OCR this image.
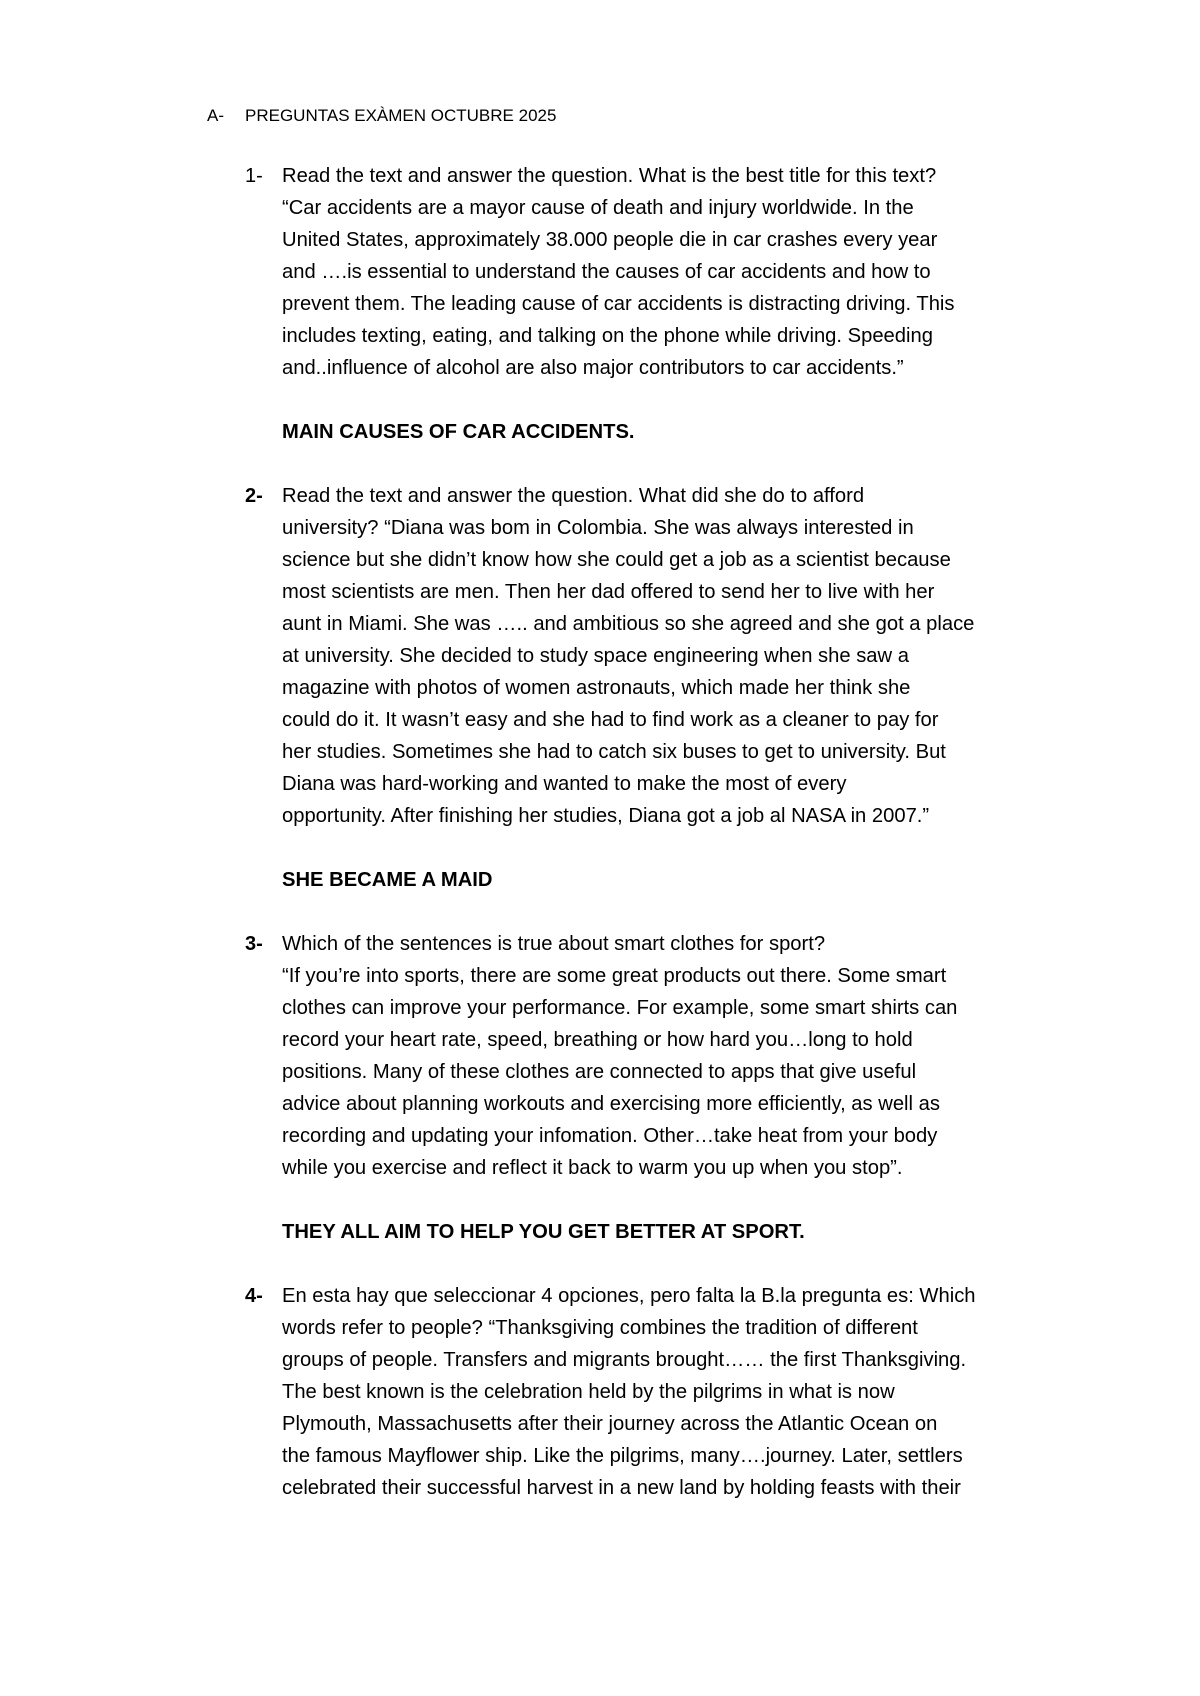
A- PREGUNTAS EXÀMEN OCTUBRE 2025
1- Read the text and answer the question. What is the best title for this text?
“Car accidents are a mayor cause of death and injury worldwide. In the
United States, approximately 38.000 people die in car crashes every year
and ….is essential to understand the causes of car accidents and how to
prevent them. The leading cause of car accidents is distracting driving. This
includes texting, eating, and talking on the phone while driving. Speeding
and..influence of alcohol are also major contributors to car accidents.”
MAIN CAUSES OF CAR ACCIDENTS.
2- Read the text and answer the question. What did she do to afford
university? “Diana was bom in Colombia. She was always interested in
science but she didn’t know how she could get a job as a scientist because
most scientists are men. Then her dad offered to send her to live with her
aunt in Miami. She was ….. and ambitious so she agreed and she got a place
at university. She decided to study space engineering when she saw a
magazine with photos of women astronauts, which made her think she
could do it. It wasn’t easy and she had to find work as a cleaner to pay for
her studies. Sometimes she had to catch six buses to get to university. But
Diana was hard-working and wanted to make the most of every
opportunity. After finishing her studies, Diana got a job al NASA in 2007.”
SHE BECAME A MAID
3- Which of the sentences is true about smart clothes for sport?
“If you’re into sports, there are some great products out there. Some smart
clothes can improve your performance. For example, some smart shirts can
record your heart rate, speed, breathing or how hard you…long to hold
positions. Many of these clothes are connected to apps that give useful
advice about planning workouts and exercising more efficiently, as well as
recording and updating your infomation. Other…take heat from your body
while you exercise and reflect it back to warm you up when you stop”.
THEY ALL AIM TO HELP YOU GET BETTER AT SPORT.
4- En esta hay que seleccionar 4 opciones, pero falta la B.la pregunta es: Which
words refer to people? “Thanksgiving combines the tradition of different
groups of people. Transfers and migrants brought…… the first Thanksgiving.
The best known is the celebration held by the pilgrims in what is now
Plymouth, Massachusetts after their journey across the Atlantic Ocean on
the famous Mayflower ship. Like the pilgrims, many….journey. Later, settlers
celebrated their successful harvest in a new land by holding feasts with their
